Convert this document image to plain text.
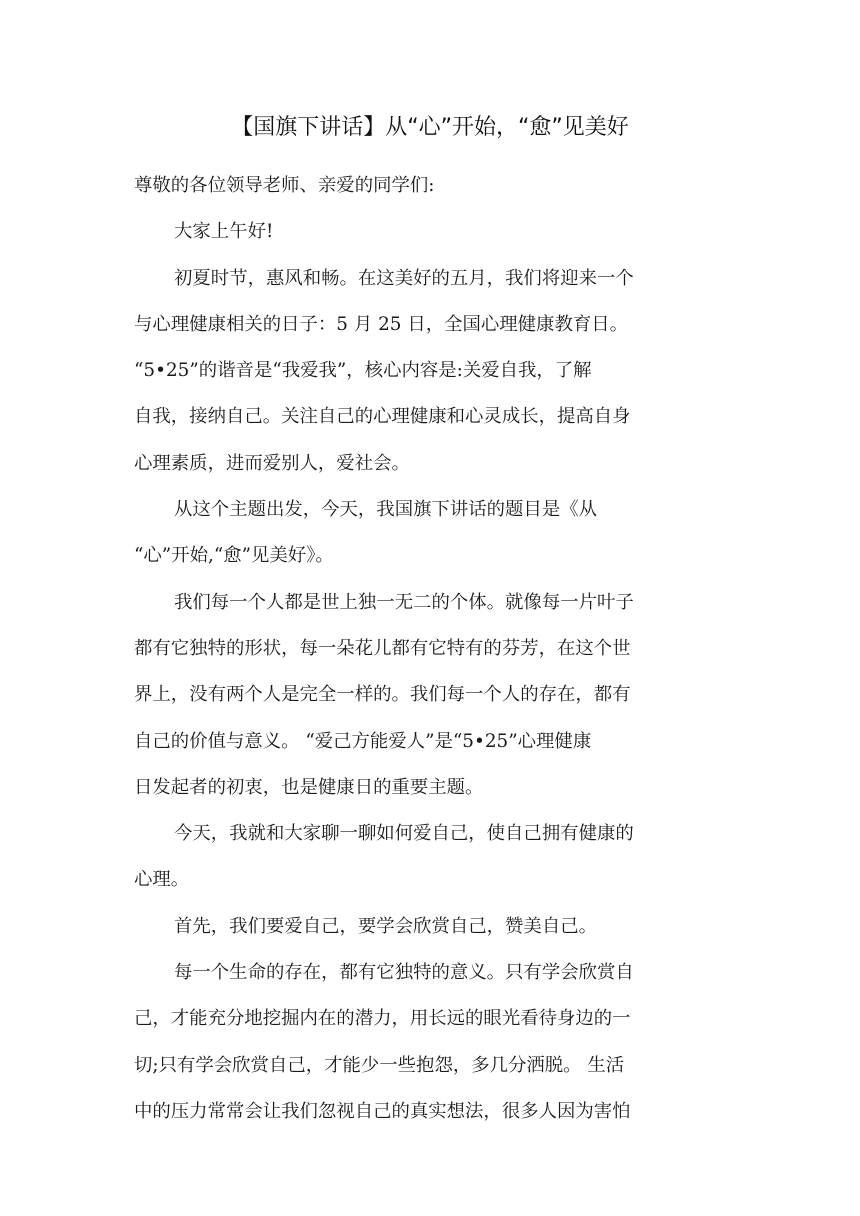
【国旗下讲话】从“心”开始，“愈”见美好
尊敬的各位领导老师、亲爱的同学们:
大家上午好!
初夏时节，惠风和畅。在这美好的五月，我们将迎来一个
与心理健康相关的日子：5 月 25 日，全国心理健康教育日。
“5•25”的谐音是“我爱我”，核心内容是:关爱自我，了解
自我，接纳自己。关注自己的心理健康和心灵成长，提高自身
心理素质，进而爱别人，爱社会。
从这个主题出发，今天，我国旗下讲话的题目是《从
“心”开始,“愈”见美好》。
我们每一个人都是世上独一无二的个体。就像每一片叶子
都有它独特的形状，每一朵花儿都有它特有的芬芳，在这个世
界上，没有两个人是完全一样的。我们每一个人的存在，都有
自己的价值与意义。 “爱己方能爱人”是“5•25”心理健康
日发起者的初衷，也是健康日的重要主题。
今天，我就和大家聊一聊如何爱自己，使自己拥有健康的
心理。
首先，我们要爱自己，要学会欣赏自己，赞美自己。
每一个生命的存在，都有它独特的意义。只有学会欣赏自
己，才能充分地挖掘内在的潜力，用长远的眼光看待身边的一
切;只有学会欣赏自己，才能少一些抱怨，多几分洒脱。 生活
中的压力常常会让我们忽视自己的真实想法，很多人因为害怕
